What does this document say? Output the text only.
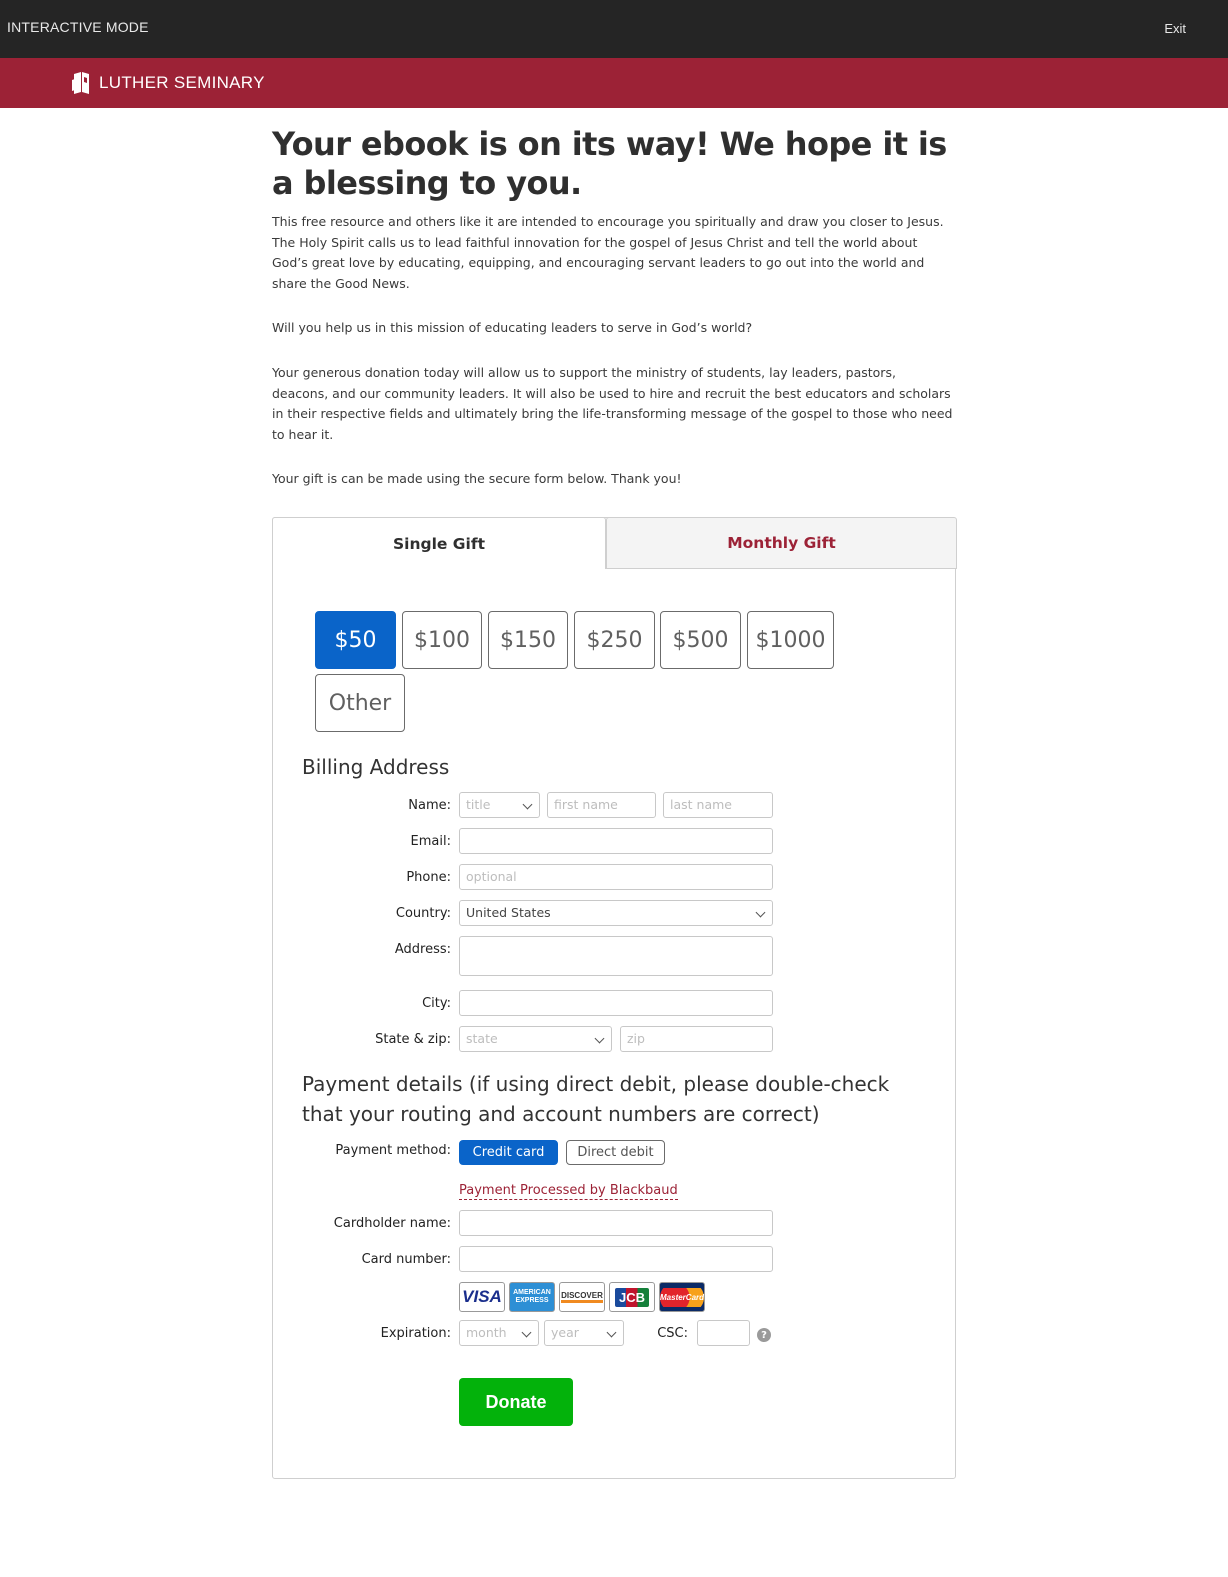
INTERACTIVE MODE	Exit
LUTHER SEMINARY
Your ebook is on its way! We hope it is a blessing to you.

This free resource and others like it are intended to encourage you spiritually and draw you closer to Jesus. The Holy Spirit calls us to lead faithful innovation for the gospel of Jesus Christ and tell the world about God’s great love by educating, equipping, and encouraging servant leaders to go out into the world and share the Good News.

Will you help us in this mission of educating leaders to serve in God’s world?

Your generous donation today will allow us to support the ministry of students, lay leaders, pastors, deacons, and our community leaders. It will also be used to hire and recruit the best educators and scholars in their respective fields and ultimately bring the life-transforming message of the gospel to those who need to hear it.

Your gift is can be made using the secure form below. Thank you!

Single Gift	Monthly Gift
$50	$100	$150	$250	$500	$1000
Other
Billing Address
Name:	title	first name	last name
Email:
Phone:	optional
Country:	United States
Address:
City:
State & zip:	state	zip
Payment details (if using direct debit, please double-check that your routing and account numbers are correct)
Payment method:	Credit card	Direct debit
Payment Processed by Blackbaud
Cardholder name:
Card number:
VISA	AMERICAN EXPRESS
DISCOVER	JCB	MasterCard
Expiration:	month	year	CSC:	?
Donate
